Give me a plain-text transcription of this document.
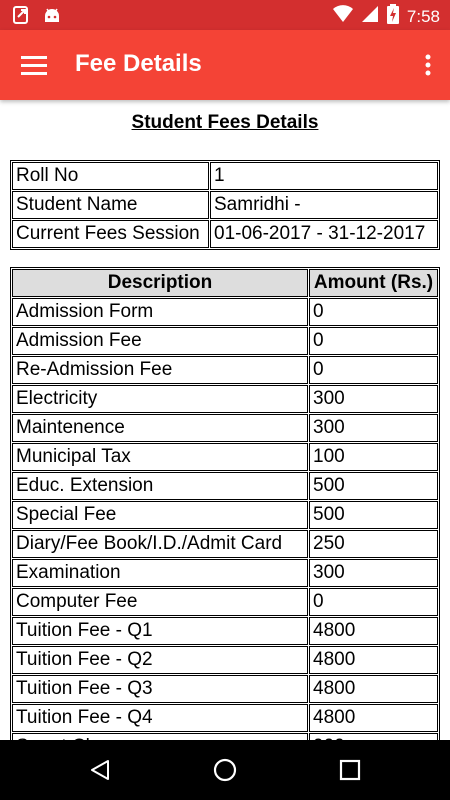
7:58
Fee Details
Student Fees Details
Roll No	1
Student Name	Samridhi -
Current Fees Session	01-06-2017 - 31-12-2017
Description	Amount (Rs.)
Admission Form	0
Admission Fee	0
Re-Admission Fee	0
Electricity	300
Maintenence	300
Municipal Tax	100
Educ. Extension	500
Special Fee	500
Diary/Fee Book/I.D./Admit Card	250
Examination	300
Computer Fee	0
Tuition Fee - Q1	4800
Tuition Fee - Q2	4800
Tuition Fee - Q3	4800
Tuition Fee - Q4	4800
